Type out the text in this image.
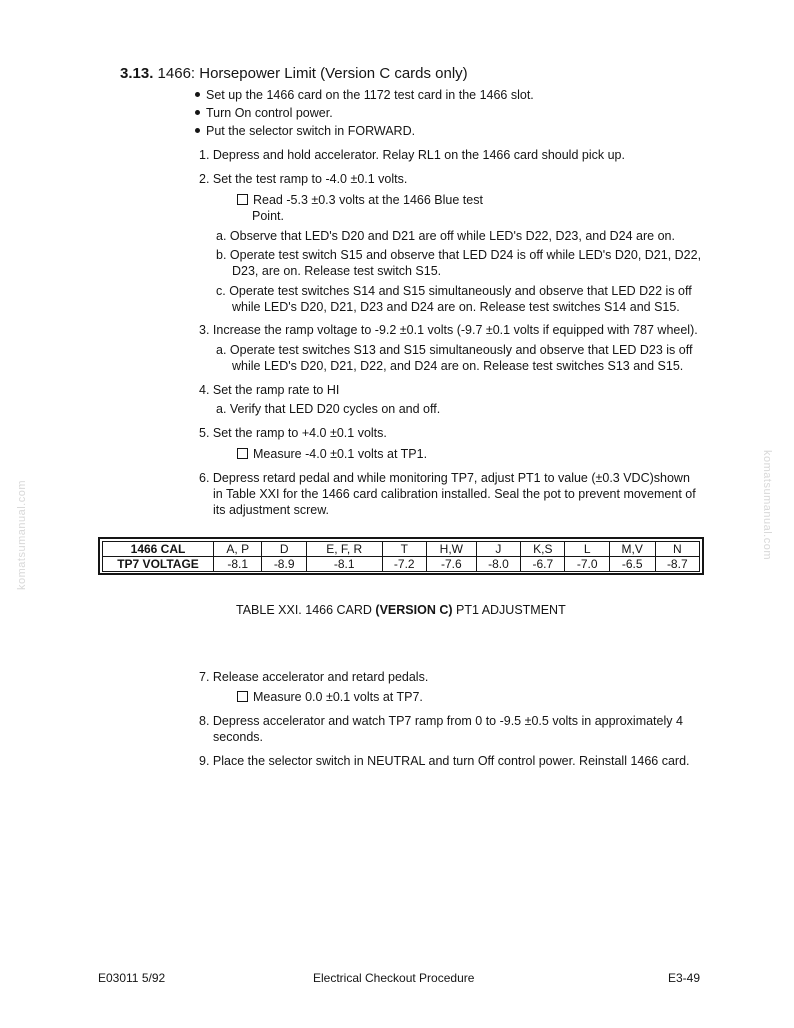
komatsumanual.com	komatsumanual.com
3.13. 1466: Horsepower Limit (Version C cards only)
Set up the 1466 card on the 1172 test card in the 1466 slot.
Turn On control power.
Put the selector switch in FORWARD.
1. Depress and hold accelerator. Relay RL1 on the 1466 card should pick up.
2. Set the test ramp to -4.0 ±0.1 volts.
Read -5.3 ±0.3 volts at the 1466 Blue test
Point.
a. Observe that LED's D20 and D21 are off while LED's D22, D23, and D24 are on.
b. Operate test switch S15 and observe that LED D24 is off while LED's D20, D21, D22,
D23, are on. Release test switch S15.
c. Operate test switches S14 and S15 simultaneously and observe that LED D22 is off
while LED's D20, D21, D23 and D24 are on. Release test switches S14 and S15.
3. Increase the ramp voltage to -9.2 ±0.1 volts (-9.7 ±0.1 volts if equipped with 787 wheel).
a. Operate test switches S13 and S15 simultaneously and observe that LED D23 is off
while LED's D20, D21, D22, and D24 are on. Release test switches S13 and S15.
4. Set the ramp rate to HI
a. Verify that LED D20 cycles on and off.
5. Set the ramp to +4.0 ±0.1 volts.
Measure -4.0 ±0.1 volts at TP1.
6. Depress retard pedal and while monitoring TP7, adjust PT1 to value (±0.3 VDC)shown
in Table XXI for the 1466 card calibration installed. Seal the pot to prevent movement of
its adjustment screw.
1466 CAL	A, P	D	E, F, R	T	H,W	J	K,S	L	M,V	N
TP7 VOLTAGE	-8.1	-8.9	-8.1	-7.2	-7.6	-8.0	-6.7	-7.0	-6.5	-8.7
TABLE XXI. 1466 CARD (VERSION C) PT1 ADJUSTMENT
7. Release accelerator and retard pedals.
Measure 0.0 ±0.1 volts at TP7.
8. Depress accelerator and watch TP7 ramp from 0 to -9.5 ±0.5 volts in approximately 4
seconds.
9. Place the selector switch in NEUTRAL and turn Off control power. Reinstall 1466 card.
E03011 5/92	Electrical Checkout Procedure	E3-49
